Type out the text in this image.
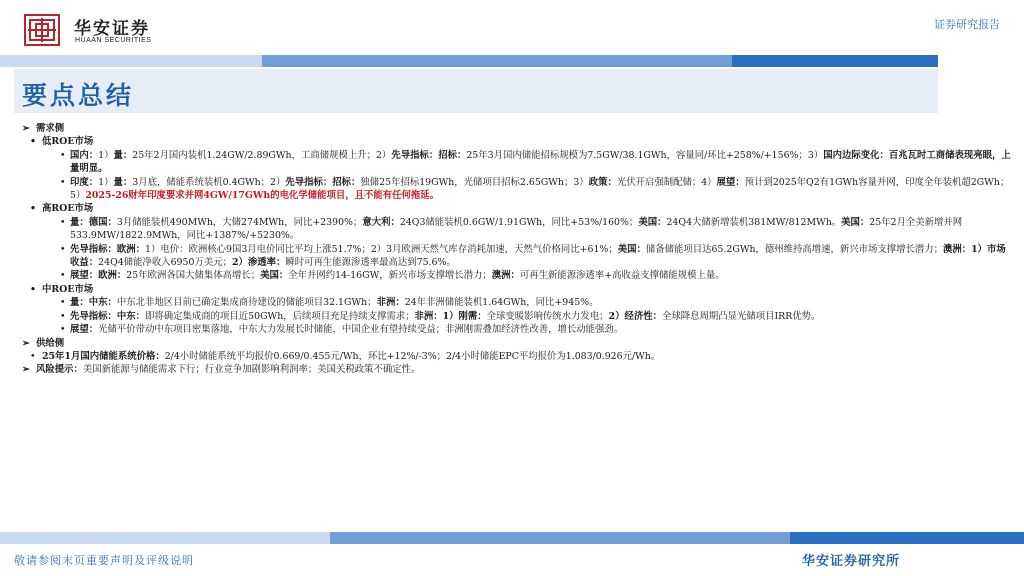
华安证券
HUAAN SECURITIES
证券研究报告
要点总结
➢ 需求侧
• 低ROE市场
• 国内：1）量：25年2月国内装机1.24GW/2.89GWh，工商储规模上升；2）先导指标：招标：25年3月国内储能招标规模为7.5GW/38.1GWh，容量同/环比+258%/+156%；3）国内边际变化：百兆瓦时工商储表现亮眼，上量明显。
• 印度：1）量：3月底，储能系统装机0.4GWh；2）先导指标：招标：独储25年招标19GWh，光储项目招标2.65GWh；3）政策：光伏开启强制配储；4）展望：预计到2025年Q2有1GWh容量并网，印度全年装机超2GWh；5）2025-26财年印度要求并网4GW/17GWh的电化学储能项目，且不能有任何拖延。
• 高ROE市场
• 量：德国：3月储能装机490MWh，大储274MWh，同比+2390%；意大利：24Q3储能装机0.6GW/1.91GWh，同比+53%/160%；美国：24Q4大储新增装机381MW/812MWh。美国：25年2月全美新增并网533.9MW/1822.9MWh，同比+1387%/+5230%。
• 先导指标：欧洲：1）电价：欧洲核心9国3月电价同比平均上涨51.7%；2）3月欧洲天然气库存消耗加速，天然气价格同比+61%；美国：储备储能项目达65.2GWh，德州维持高增速，新兴市场支撑增长潜力；澳洲：1）市场收益：24Q4储能净收入6950万美元；2）渗透率：瞬时可再生能源渗透率最高达到75.6%。
• 展望：欧洲：25年欧洲各国大储集体高增长；美国：全年并网约14-16GW，新兴市场支撑增长潜力；澳洲：可再生新能源渗透率+高收益支撑储能规模上量。
• 中ROE市场
• 量：中东：中东北非地区目前已确定集成商待建设的储能项目32.1GWh；非洲：24年非洲储能装机1.64GWh，同比+945%。
• 先导指标：中东：即将确定集成商的项目近50GWh，后续项目充足持续支撑需求；非洲：1）刚需：全球变暖影响传统水力发电；2）经济性：全球降息周期凸显光储项目IRR优势。
• 展望：光储平价带动中东项目密集落地，中东大力发展长时储能，中国企业有望持续受益；非洲刚需叠加经济性改善，增长动能强劲。
➢ 供给侧
• 25年1月国内储能系统价格：2/4小时储能系统平均报价0.669/0.455元/Wh，环比+12%/-3%；2/4小时储能EPC平均报价为1.083/0.926元/Wh。
➢ 风险提示：美国新能源与储能需求下行；行业竞争加剧影响利润率；美国关税政策不确定性。
敬请参阅末页重要声明及评级说明	华安证券研究所
